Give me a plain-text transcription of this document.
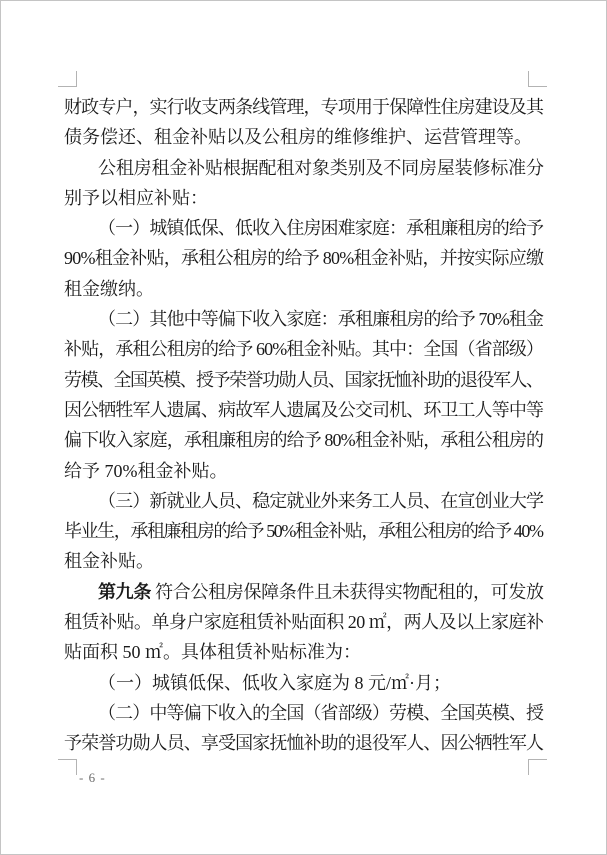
财政专户，实行收支两条线管理，专项用于保障性住房建设及其
债务偿还、租金补贴以及公租房的维修维护、运营管理等。
公租房租金补贴根据配租对象类别及不同房屋装修标准分
别予以相应补贴：
（一）城镇低保、低收入住房困难家庭：承租廉租房的给予
90%租金补贴，承租公租房的给予 80%租金补贴，并按实际应缴
租金缴纳。
（二）其他中等偏下收入家庭：承租廉租房的给予 70%租金
补贴，承租公租房的给予 60%租金补贴。其中：全国（省部级）
劳模、全国英模、授予荣誉功勋人员、国家抚恤补助的退役军人、
因公牺牲军人遗属、病故军人遗属及公交司机、环卫工人等中等
偏下收入家庭，承租廉租房的给予 80%租金补贴，承租公租房的
给予 70%租金补贴。
（三）新就业人员、稳定就业外来务工人员、在宣创业大学
毕业生，承租廉租房的给予 50%租金补贴，承租公租房的给予 40%
租金补贴。
第九条 符合公租房保障条件且未获得实物配租的，可发放
租赁补贴。单身户家庭租赁补贴面积 20 ㎡，两人及以上家庭补
贴面积 50 ㎡。具体租赁补贴标准为：
（一）城镇低保、低收入家庭为 8 元/㎡·月；
（二）中等偏下收入的全国（省部级）劳模、全国英模、授
予荣誉功勋人员、享受国家抚恤补助的退役军人、因公牺牲军人
- 6 -
